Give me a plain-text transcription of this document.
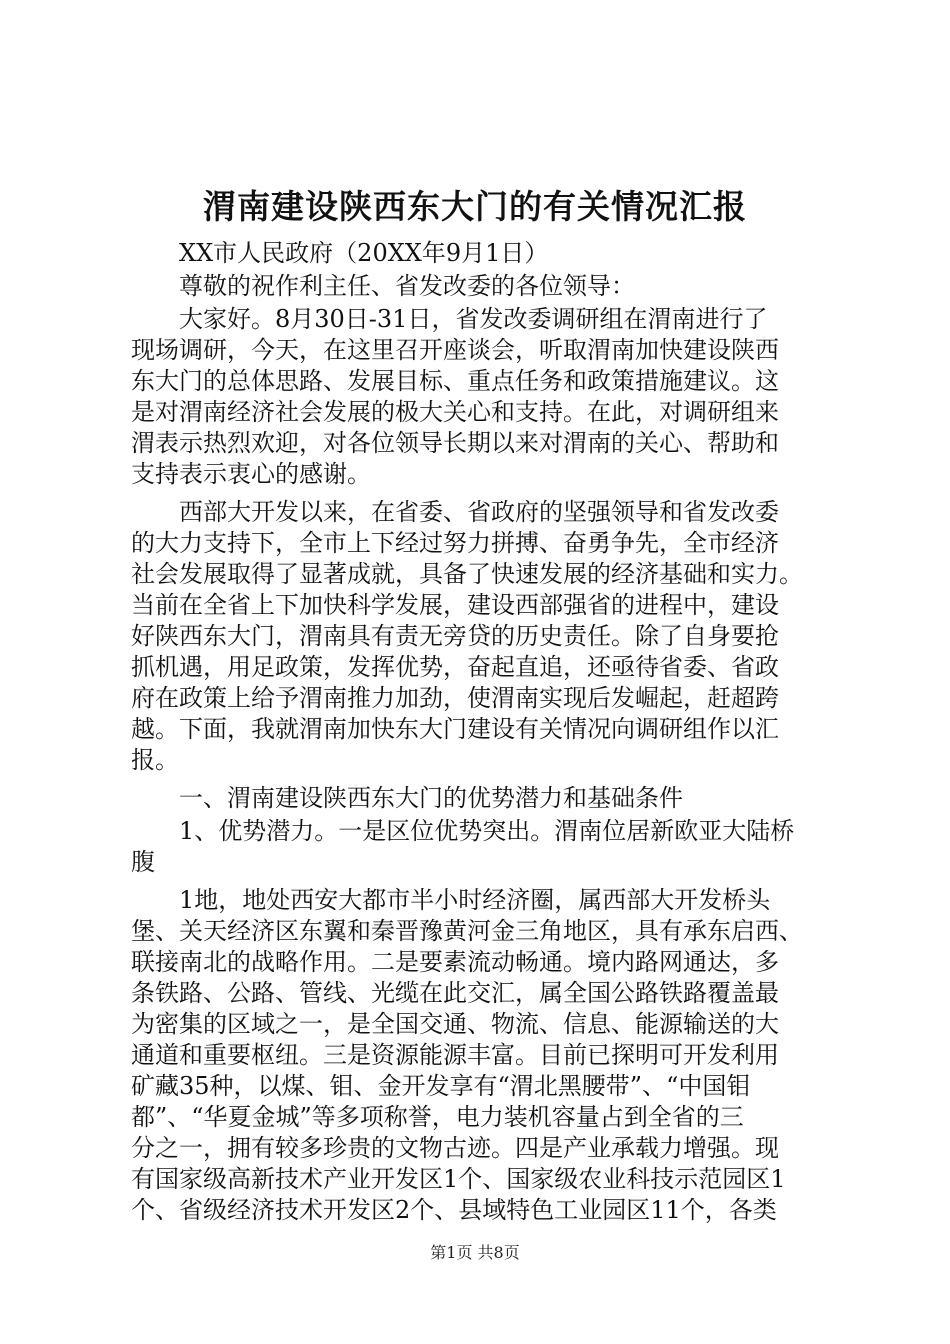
渭南建设陕西东大门的有关情况汇报

XX市人民政府（20XX年9月1日）

尊敬的祝作利主任、省发改委的各位领导：

大家好。8月30日-31日，省发改委调研组在渭南进行了

现场调研，今天，在这里召开座谈会，听取渭南加快建设陕西

东大门的总体思路、发展目标、重点任务和政策措施建议。这

是对渭南经济社会发展的极大关心和支持。在此，对调研组来

渭表示热烈欢迎，对各位领导长期以来对渭南的关心、帮助和

支持表示衷心的感谢。

西部大开发以来，在省委、省政府的坚强领导和省发改委

的大力支持下，全市上下经过努力拼搏、奋勇争先，全市经济

社会发展取得了显著成就，具备了快速发展的经济基础和实力。

当前在全省上下加快科学发展，建设西部强省的进程中，建设

好陕西东大门，渭南具有责无旁贷的历史责任。除了自身要抢

抓机遇，用足政策，发挥优势，奋起直追，还亟待省委、省政

府在政策上给予渭南推力加劲，使渭南实现后发崛起，赶超跨

越。下面，我就渭南加快东大门建设有关情况向调研组作以汇

报。

一、渭南建设陕西东大门的优势潜力和基础条件

1、优势潜力。一是区位优势突出。渭南位居新欧亚大陆桥

腹

1地，地处西安大都市半小时经济圈，属西部大开发桥头

堡、关天经济区东翼和秦晋豫黄河金三角地区，具有承东启西、

联接南北的战略作用。二是要素流动畅通。境内路网通达，多

条铁路、公路、管线、光缆在此交汇，属全国公路铁路覆盖最

为密集的区域之一，是全国交通、物流、信息、能源输送的大

通道和重要枢纽。三是资源能源丰富。目前已探明可开发利用

矿藏35种，以煤、钼、金开发享有“渭北黑腰带”、“中国钼

都”、“华夏金城”等多项称誉，电力装机容量占到全省的三

分之一，拥有较多珍贵的文物古迹。四是产业承载力增强。现

有国家级高新技术产业开发区1个、国家级农业科技示范园区1

个、省级经济技术开发区2个、县域特色工业园区11个，各类

第1页 共8页
